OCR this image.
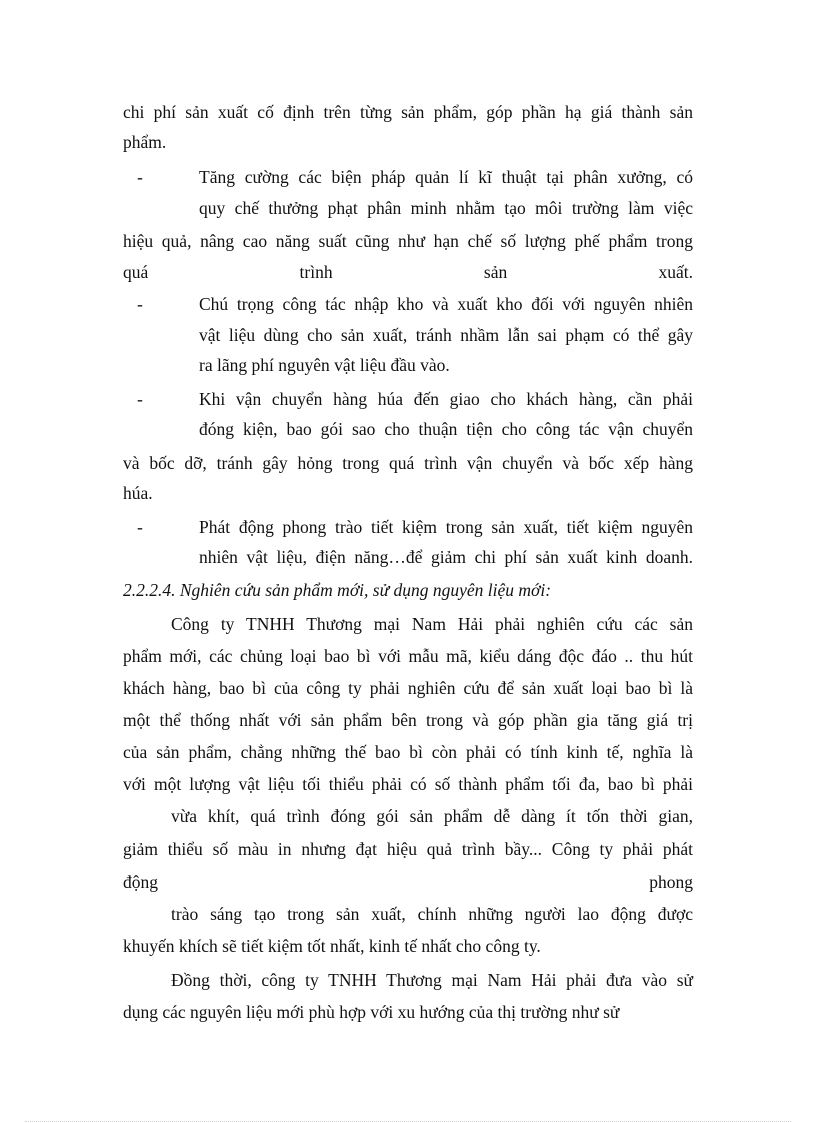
chi phí sản xuất cố định trên từng sản phẩm, góp phần hạ giá thành sản
phẩm.
-	Tăng cường các biện pháp quản lí kĩ thuật tại phân xưởng, có
quy chế thưởng phạt phân minh nhằm tạo môi trường làm việc
hiệu quả, nâng cao năng suất cũng như hạn chế số lượng phế phẩm trong
quá trình sản xuất.
-	Chú trọng công tác nhập kho và xuất kho đối với nguyên nhiên
vật liệu dùng cho sản xuất, tránh nhầm lẫn sai phạm có thể gây
ra lãng phí nguyên vật liệu đầu vào.
-	Khi vận chuyển hàng húa đến giao cho khách hàng, cần phải
đóng kiện, bao gói sao cho thuận tiện cho công tác vận chuyển
và bốc dỡ, tránh gây hỏng trong quá trình vận chuyển và bốc xếp hàng
húa.
-	Phát động phong trào tiết kiệm trong sản xuất, tiết kiệm nguyên
nhiên vật liệu, điện năng…để giảm chi phí sản xuất kinh doanh.
2.2.2.4. Nghiên cứu sản phẩm mới, sử dụng nguyên liệu mới:
Công ty TNHH Thương mại Nam Hải phải nghiên cứu các sản
phẩm mới, các chủng loại bao bì với mẫu mã, kiểu dáng độc đáo .. thu hút
khách hàng, bao bì của công ty phải nghiên cứu để sản xuất loại bao bì là
một thể thống nhất với sản phẩm bên trong và góp phần gia tăng giá trị
của sản phẩm, chẳng những thế bao bì còn phải có tính kinh tế, nghĩa là
với một lượng vật liệu tối thiểu phải có số thành phẩm tối đa, bao bì phải
vừa khít, quá trình đóng gói sản phẩm dễ dàng ít tốn thời gian,
giảm thiểu số màu in nhưng đạt hiệu quả trình bầy... Công ty phải phát
động phong
trào sáng tạo trong sản xuất, chính những người lao động được
khuyến khích sẽ tiết kiệm tốt nhất, kinh tế nhất cho công ty.
Đồng thời, công ty TNHH Thương mại Nam Hải phải đưa vào sử
dụng các nguyên liệu mới phù hợp với xu hướng của thị trường như sử
